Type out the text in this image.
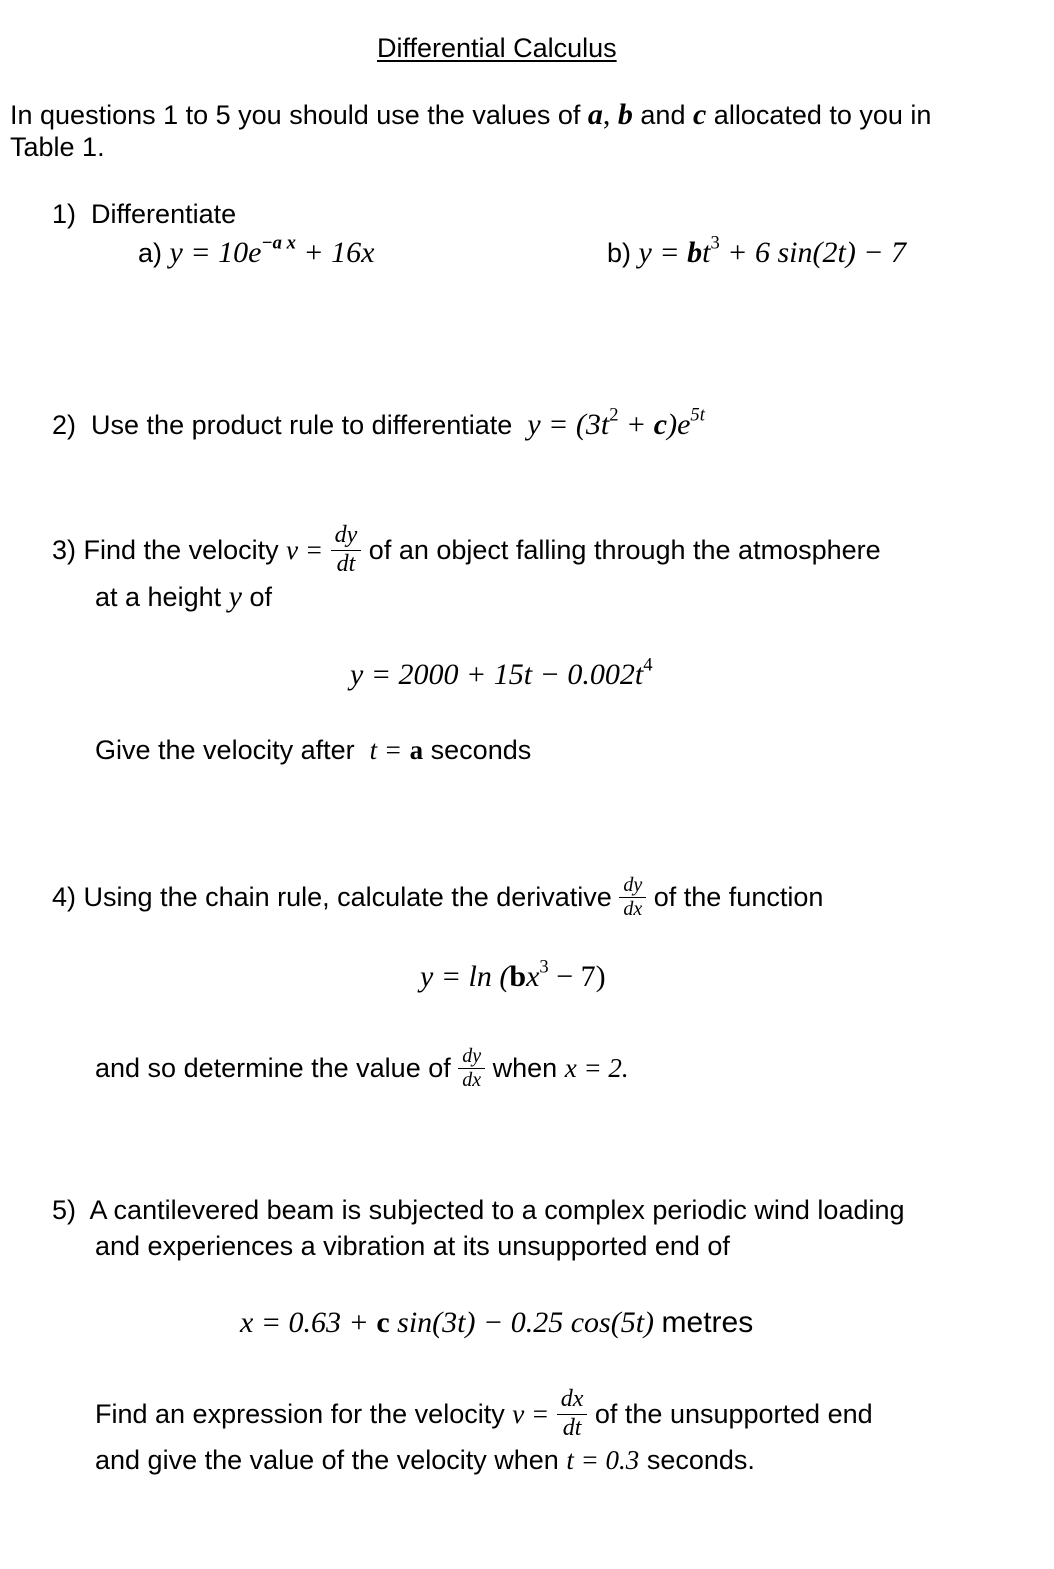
Differential Calculus
In questions 1 to 5 you should use the values of a, b and c allocated to you in
Table 1.
1) Differentiate
a) $y = 10e^{-a x} + 16x$	b) $y = bt^3 + 6$ sin(2t) − 7
2) Use the product rule to differentiate $y = (3t^2 + c)e^{5t}$
3)
Find the velocity
v =
$\frac{dy}{dt}$
of an object falling through the atmosphere
at a height y of
$y = 2000 + 15t - 0.002t^4$
Give the velocity after t = a seconds
4)
Using the chain rule, calculate the derivative
$\frac{dy}{dx}$
of the function
$y = \ln (bx^3 - 7)$
and so determine the value of
$\frac{dy}{dx}$
when
x = 2.
5) A cantilevered beam is subjected to a complex periodic wind loading
and experiences a vibration at its unsupported end of
x = 0.63 + c sin(3t) − 0.25 cos(5t) metres
Find an expression for the velocity
v =
$\frac{dx}{dt}$
of the unsupported end
and give the value of the velocity when t = 0.3 seconds.
